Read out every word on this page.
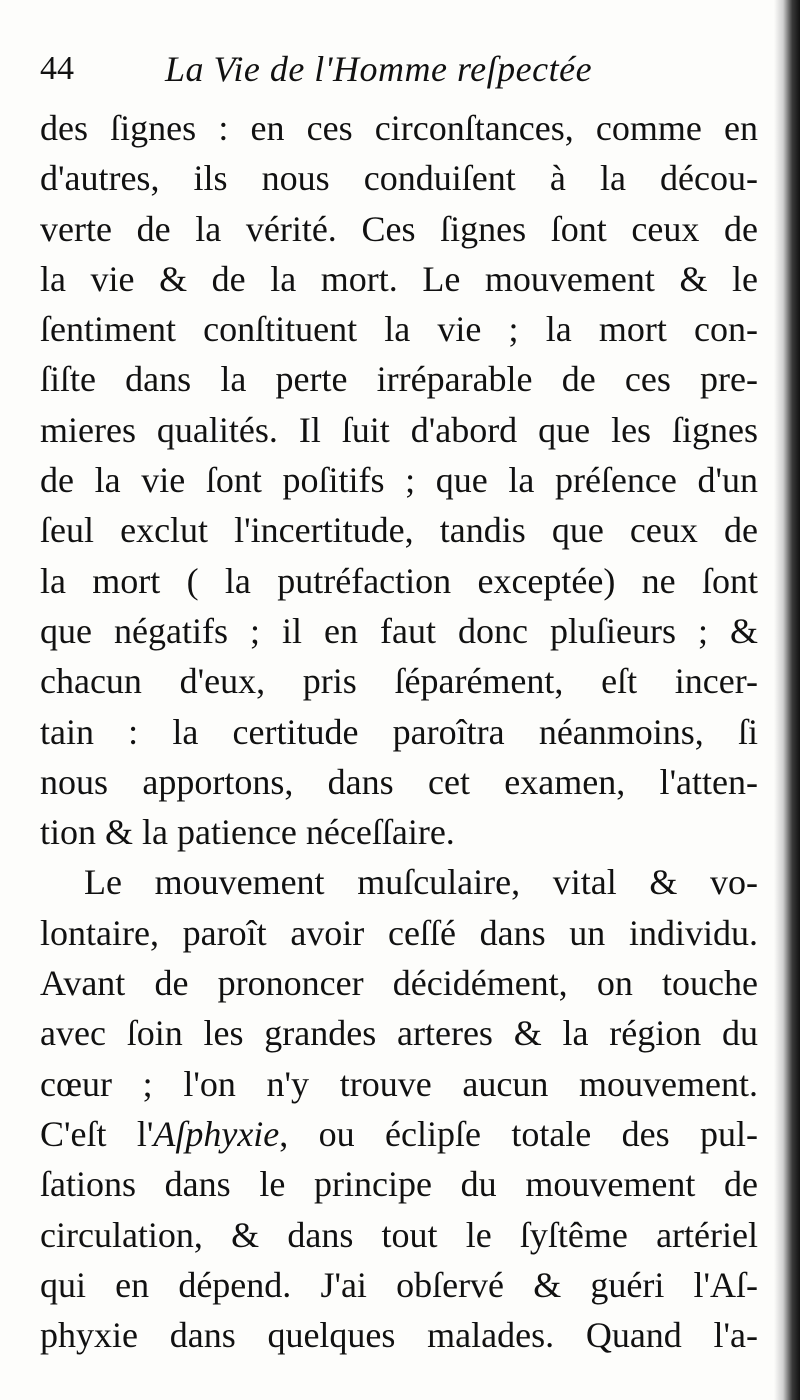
44	La Vie de l'Homme reſpectée
des ſignes : en ces circonſtances, comme en
d'autres, ils nous conduiſent à la décou-
verte de la vérité. Ces ſignes ſont ceux de
la vie & de la mort. Le mouvement & le
ſentiment conſtituent la vie ; la mort con-
ſiſte dans la perte irréparable de ces pre-
mieres qualités. Il ſuit d'abord que les ſignes
de la vie ſont poſitifs ; que la préſence d'un
ſeul exclut l'incertitude, tandis que ceux de
la mort ( la putréfaction exceptée) ne ſont
que négatifs ; il en faut donc pluſieurs ; &
chacun d'eux, pris ſéparément, eſt incer-
tain : la certitude paroîtra néanmoins, ſi
nous apportons, dans cet examen, l'atten-
tion & la patience néceſſaire.
Le mouvement muſculaire, vital & vo-
lontaire, paroît avoir ceſſé dans un individu.
Avant de prononcer décidément, on touche
avec ſoin les grandes arteres & la région du
cœur ; l'on n'y trouve aucun mouvement.
C'eſt l'Aſphyxie, ou éclipſe totale des pul-
ſations dans le principe du mouvement de
circulation, & dans tout le ſyſtême artériel
qui en dépend. J'ai obſervé & guéri l'Aſ-
phyxie dans quelques malades. Quand l'a-
